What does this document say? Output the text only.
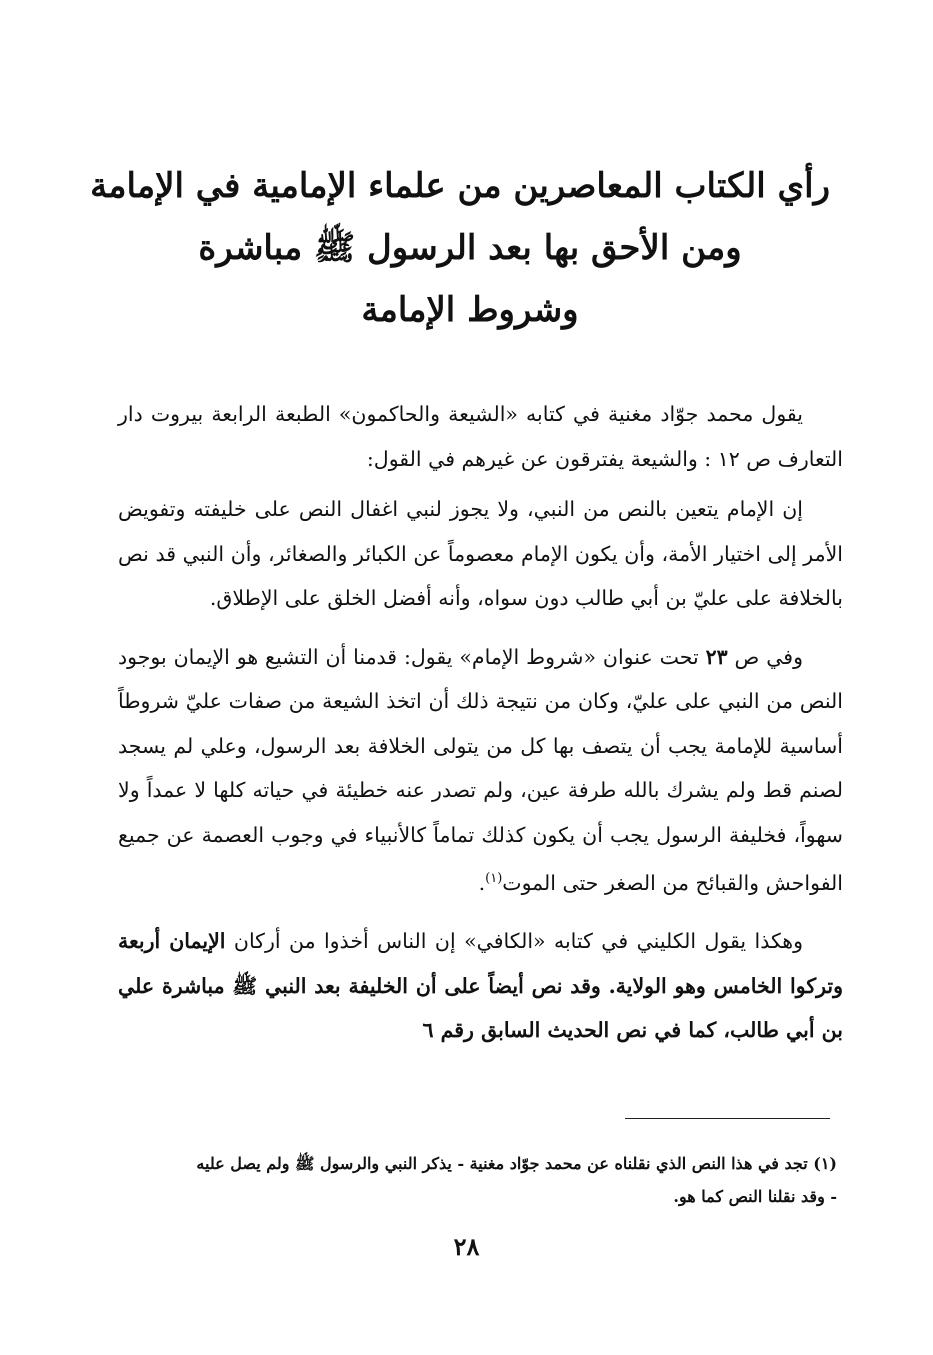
رأي الكتاب المعاصرين من علماء الإمامية في الإمامة
ومن الأحق بها بعد الرسول ﷺ مباشرة
وشروط الإمامة

يقول محمد جوّاد مغنية في كتابه «الشيعة والحاكمون» الطبعة الرابعة بيروت دار التعارف ص ١٢ : والشيعة يفترقون عن غيرهم في القول:

إن الإمام يتعين بالنص من النبي، ولا يجوز لنبي اغفال النص على خليفته وتفويض الأمر إلى اختيار الأمة، وأن يكون الإمام معصوماً عن الكبائر والصغائر، وأن النبي قد نص بالخلافة على عليّ بن أبي طالب دون سواه، وأنه أفضل الخلق على الإطلاق.

وفي ص ٢٣ تحت عنوان «شروط الإمام» يقول: قدمنا أن التشيع هو الإيمان بوجود النص من النبي على عليّ، وكان من نتيجة ذلك أن اتخذ الشيعة من صفات عليّ شروطاً أساسية للإمامة يجب أن يتصف بها كل من يتولى الخلافة بعد الرسول، وعلي لم يسجد لصنم قط ولم يشرك بالله طرفة عين، ولم تصدر عنه خطيئة في حياته كلها لا عمداً ولا سهواً، فخليفة الرسول يجب أن يكون كذلك تماماً كالأنبياء في وجوب العصمة عن جميع الفواحش والقبائح من الصغر حتى الموت$^{(١)}$.

وهكذا يقول الكليني في كتابه «الكافي» إن الناس أخذوا من أركان الإيمان أربعة وتركوا الخامس وهو الولاية. وقد نص أيضاً على أن الخليفة بعد النبي ﷺ مباشرة علي بن أبي طالب، كما في نص الحديث السابق رقم ٦

(١) تجد في هذا النص الذي نقلناه عن محمد جوّاد مغنية - يذكر النبي والرسول ﷺ ولم يصل عليه

- وقد نقلنا النص كما هو.

٢٨
